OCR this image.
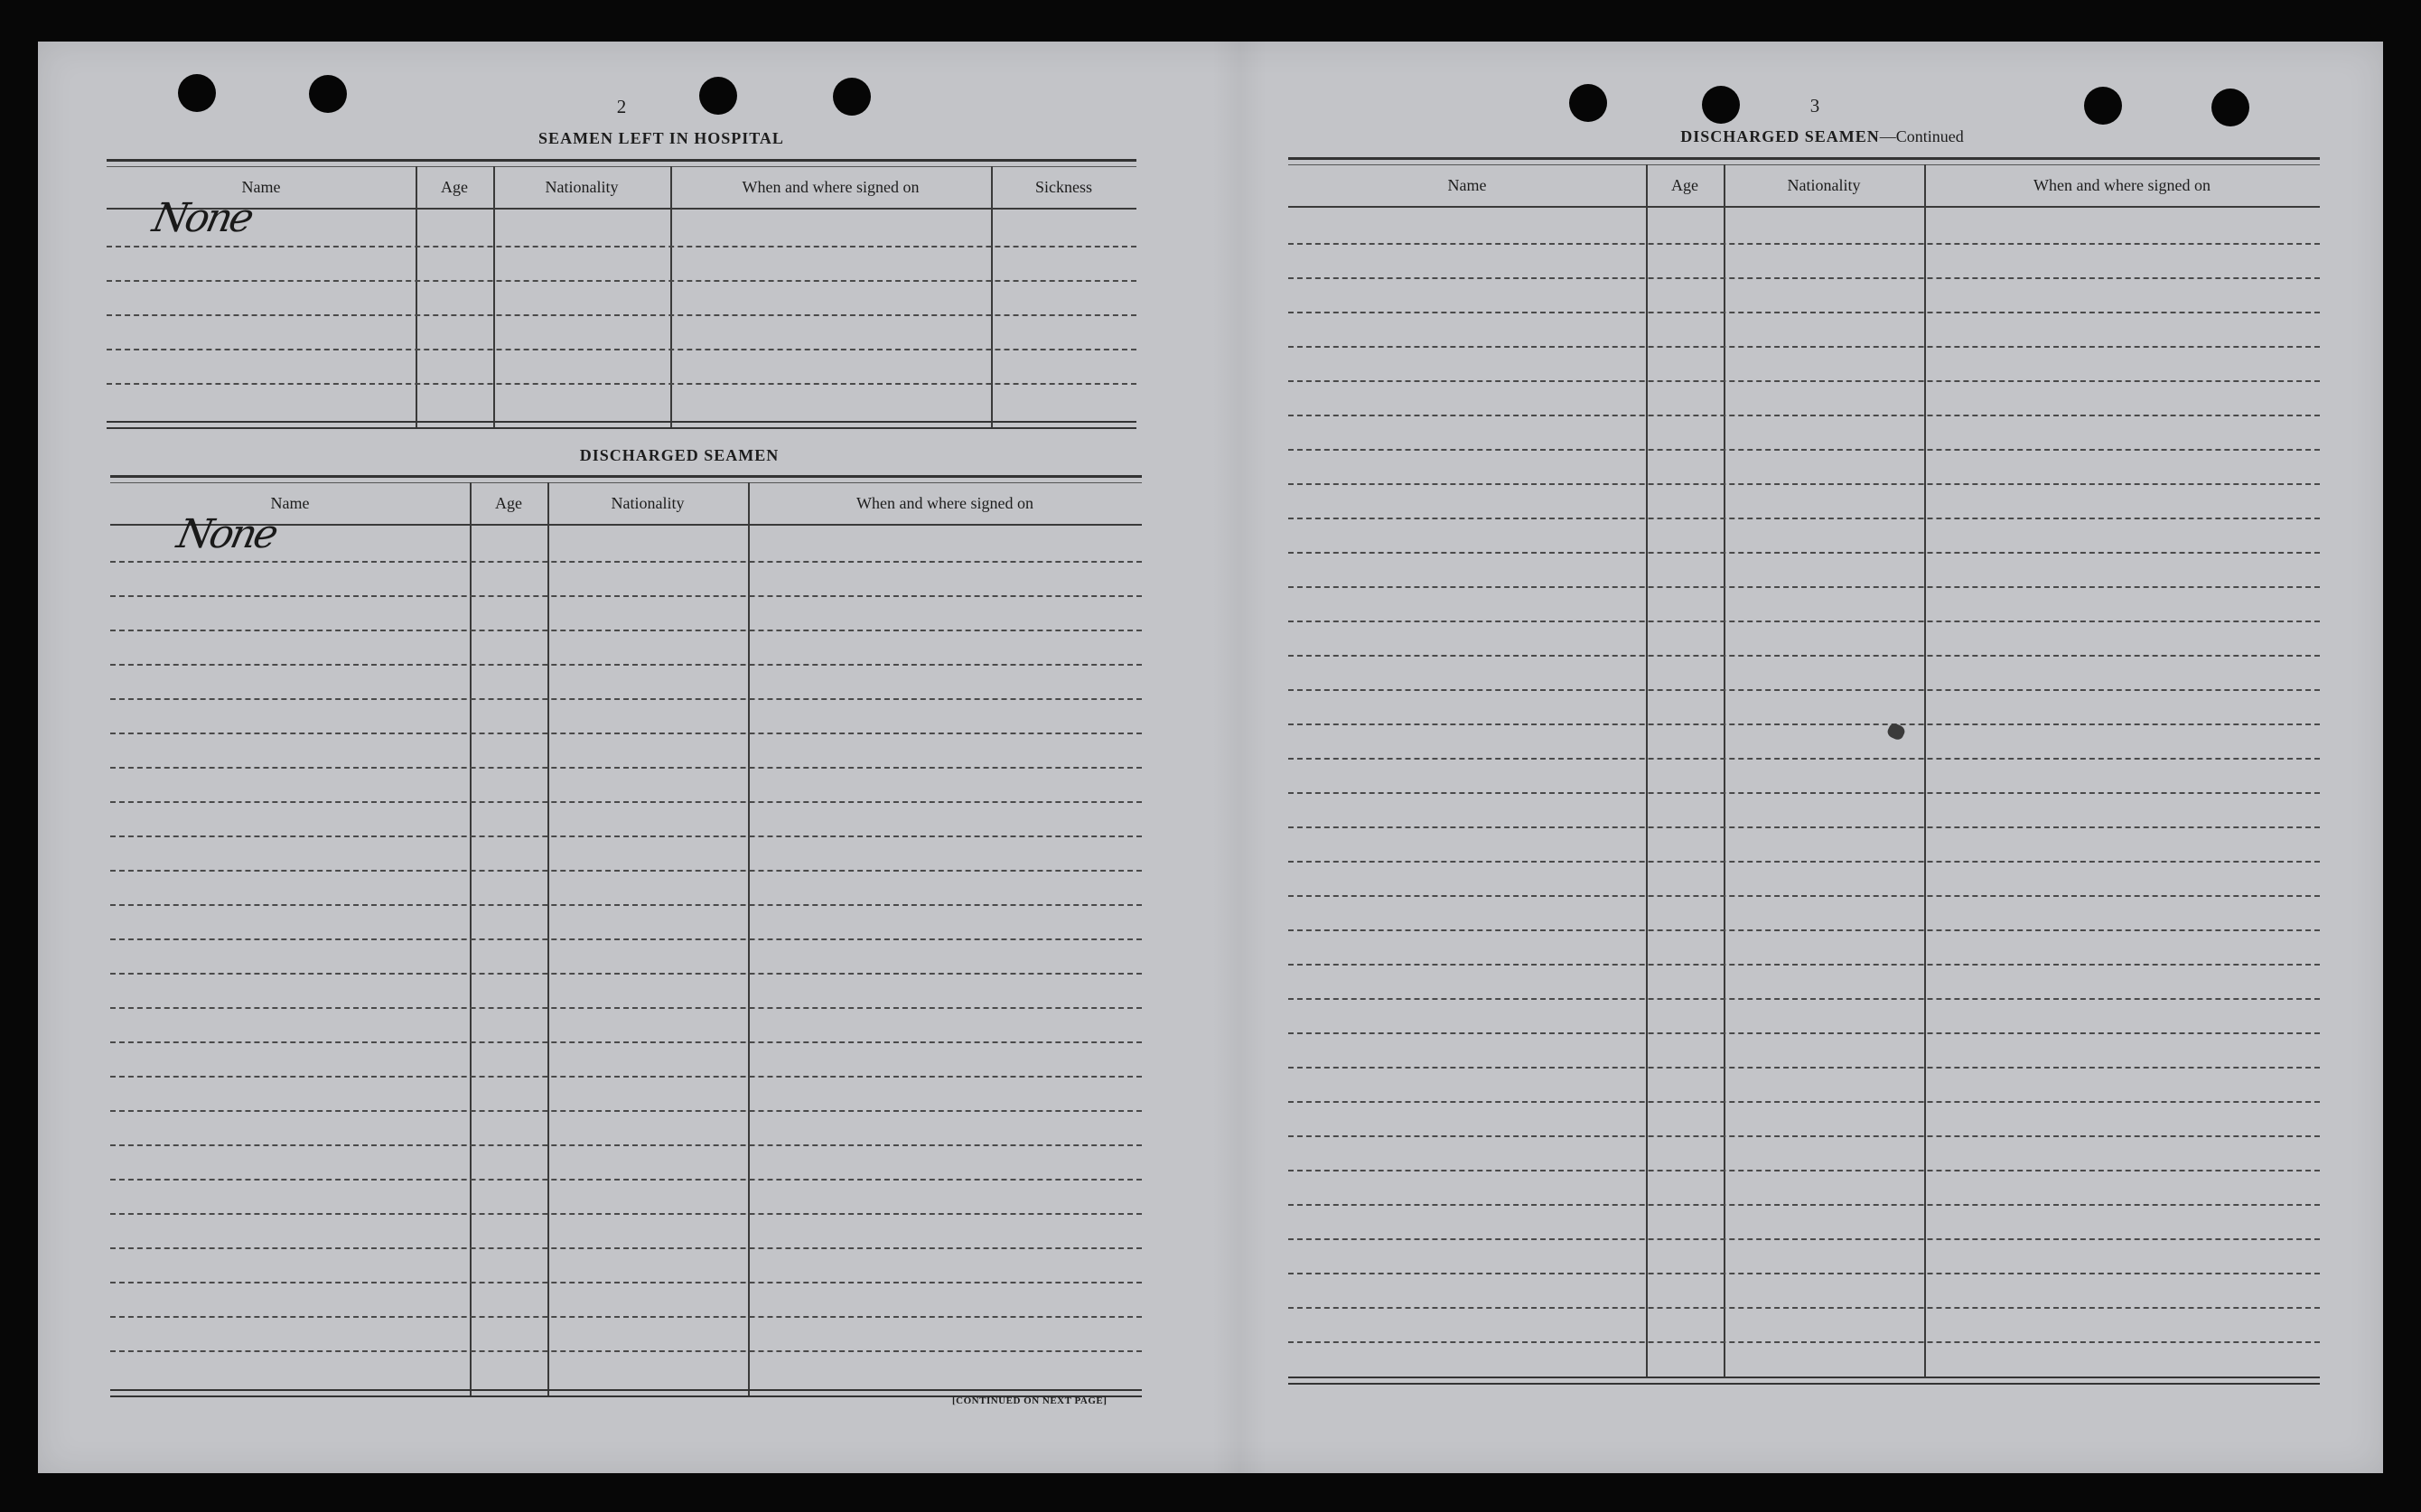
2
SEAMEN LEFT IN HOSPITAL
Name	Age	Nationality	When and where signed on	Sickness
None
DISCHARGED SEAMEN
Name	Age	Nationality	When and where signed on
None
[CONTINUED ON NEXT PAGE]
3
DISCHARGED SEAMEN—Continued
Name	Age	Nationality	When and where signed on
